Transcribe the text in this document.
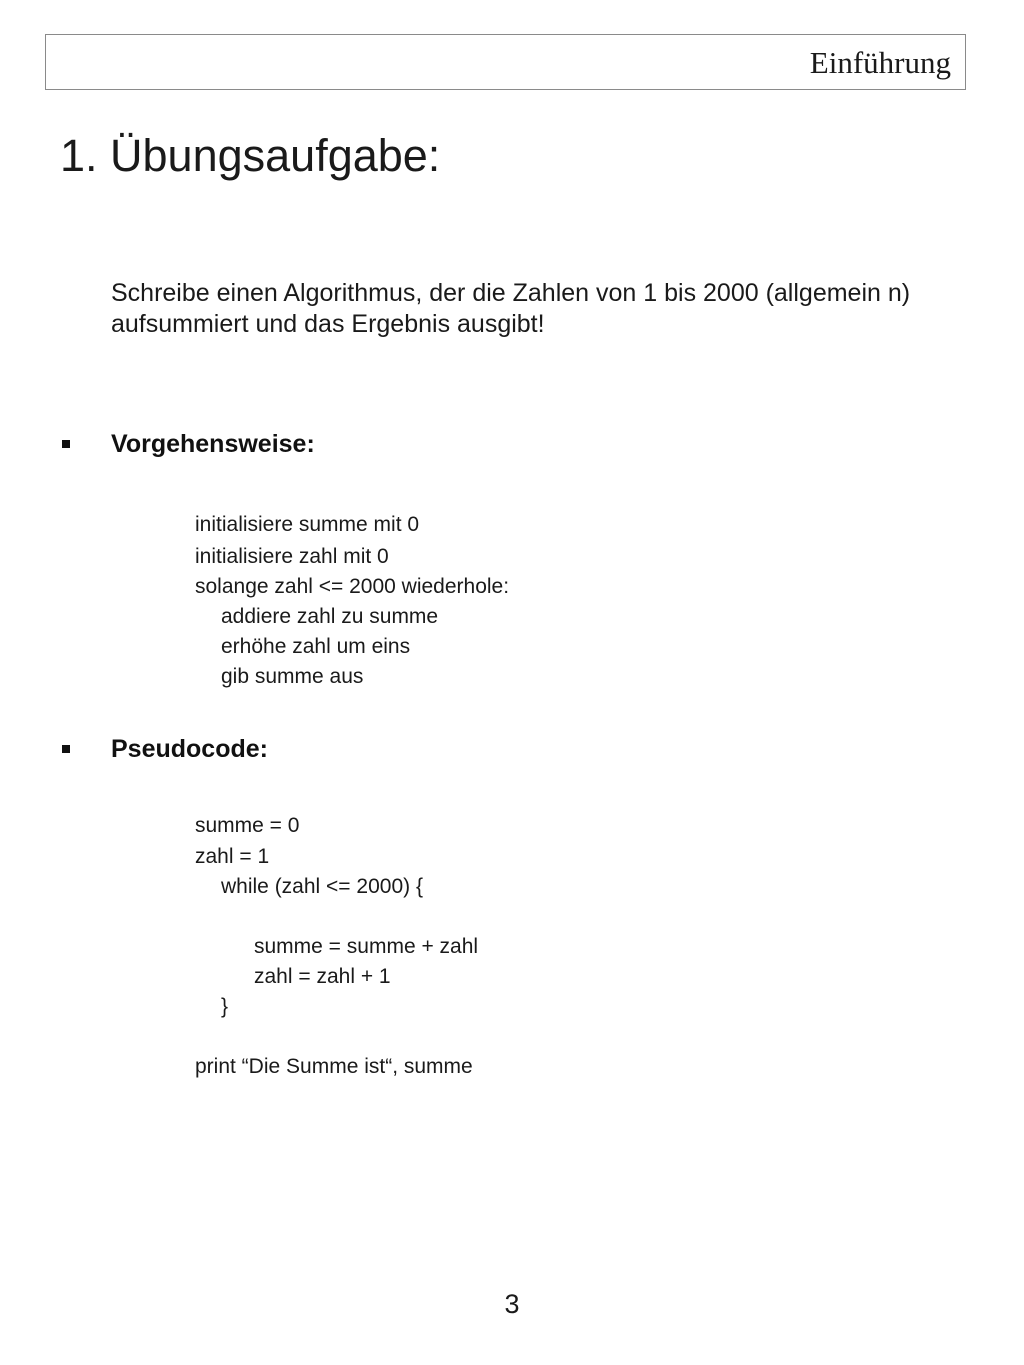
Einführung
1. Übungsaufgabe:
Schreibe einen Algorithmus, der die Zahlen von 1 bis 2000 (allgemein n) aufsummiert und das Ergebnis ausgibt!
Vorgehensweise:
initialisiere summe mit 0
initialisiere zahl mit 0
solange zahl <= 2000 wiederhole:
addiere zahl zu summe
erhöhe zahl um eins
gib summe aus
Pseudocode:
summe = 0
zahl = 1
while (zahl <= 2000) {
summe = summe + zahl
zahl = zahl + 1
}
print “Die Summe ist“, summe
3
